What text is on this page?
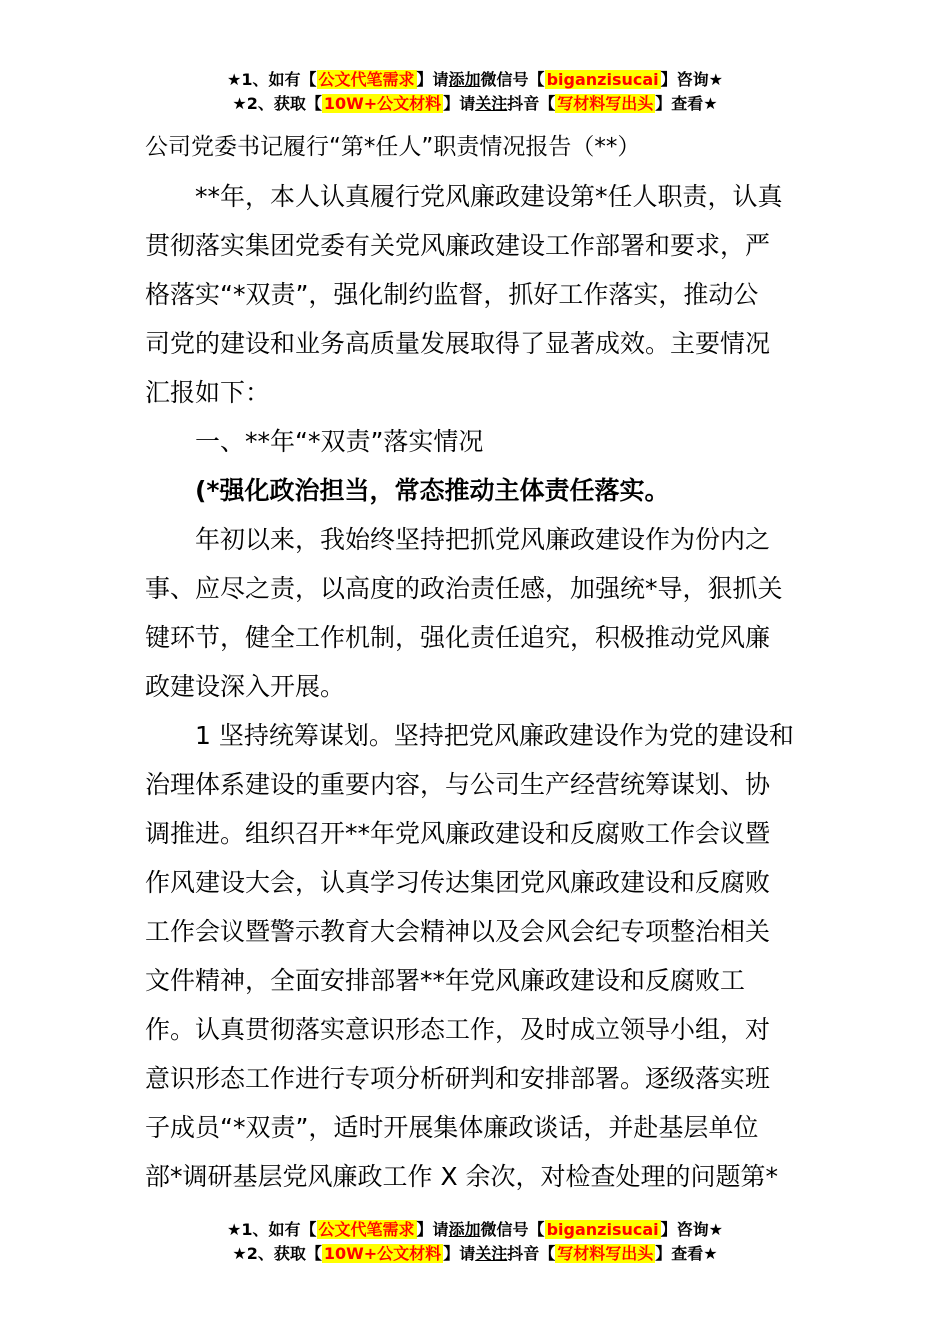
★1、如有【 公文代笔需求 】请添加微信号【 biganzisucai 】咨询★
★2、获取【 10W+公文材料 】请关注抖音【 写材料写出头 】查看★
公司党委书记履行“第*任人”职责情况报告（**）
　　**年，本人认真履行党风廉政建设第*任人职责，认真
贯彻落实集团党委有关党风廉政建设工作部署和要求，严
格落实“*双责”，强化制约监督，抓好工作落实，推动公
司党的建设和业务高质量发展取得了显著成效。主要情况
汇报如下：
　　一、**年“*双责”落实情况
　　(*强化政治担当，常态推动主体责任落实。
　　年初以来，我始终坚持把抓党风廉政建设作为份内之
事、应尽之责，以高度的政治责任感，加强统*导，狠抓关
键环节，健全工作机制，强化责任追究，积极推动党风廉
政建设深入开展。
　　1 坚持统筹谋划。坚持把党风廉政建设作为党的建设和
治理体系建设的重要内容，与公司生产经营统筹谋划、协
调推进。组织召开**年党风廉政建设和反腐败工作会议暨
作风建设大会，认真学习传达集团党风廉政建设和反腐败
工作会议暨警示教育大会精神以及会风会纪专项整治相关
文件精神，全面安排部署**年党风廉政建设和反腐败工
作。认真贯彻落实意识形态工作，及时成立领导小组，对
意识形态工作进行专项分析研判和安排部署。逐级落实班
子成员“*双责”，适时开展集体廉政谈话，并赴基层单位
部*调研基层党风廉政工作 X 余次，对检查处理的问题第*
★1、如有【 公文代笔需求 】请添加微信号【 biganzisucai 】咨询★
★2、获取【 10W+公文材料 】请关注抖音【 写材料写出头 】查看★
